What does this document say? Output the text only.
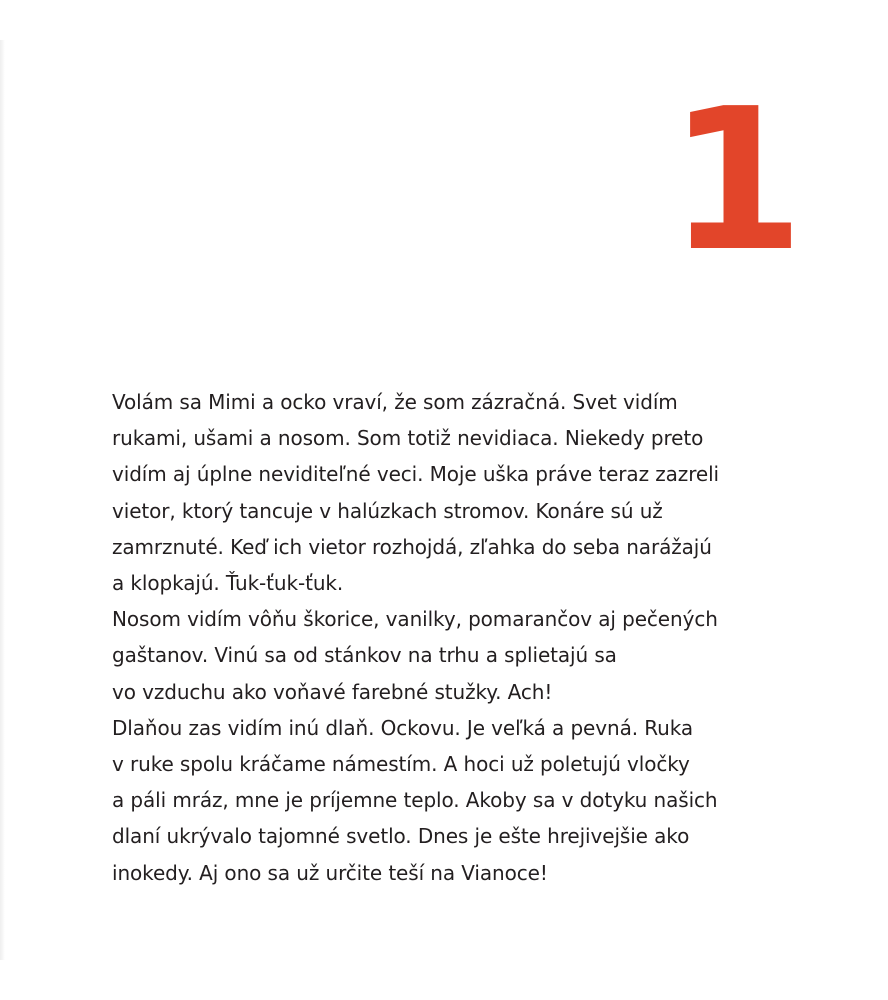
1
Volám sa Mimi a ocko vraví, že som zázračná. Svet vidím
rukami, ušami a nosom. Som totiž nevidiaca. Niekedy preto
vidím aj úplne neviditeľné veci. Moje uška práve teraz zazreli
vietor, ktorý tancuje v halúzkach stromov. Konáre sú už
zamrznuté. Keď ich vietor rozhojdá, zľahka do seba narážajú
a klopkajú. Ťuk-ťuk-ťuk.
Nosom vidím vôňu škorice, vanilky, pomarančov aj pečených
gaštanov. Vinú sa od stánkov na trhu a splietajú sa
vo vzduchu ako voňavé farebné stužky. Ach!
Dlaňou zas vidím inú dlaň. Ockovu. Je veľká a pevná. Ruka
v ruke spolu kráčame námestím. A hoci už poletujú vločky
a páli mráz, mne je príjemne teplo. Akoby sa v dotyku našich
dlaní ukrývalo tajomné svetlo. Dnes je ešte hrejivejšie ako
inokedy. Aj ono sa už určite teší na Vianoce!
